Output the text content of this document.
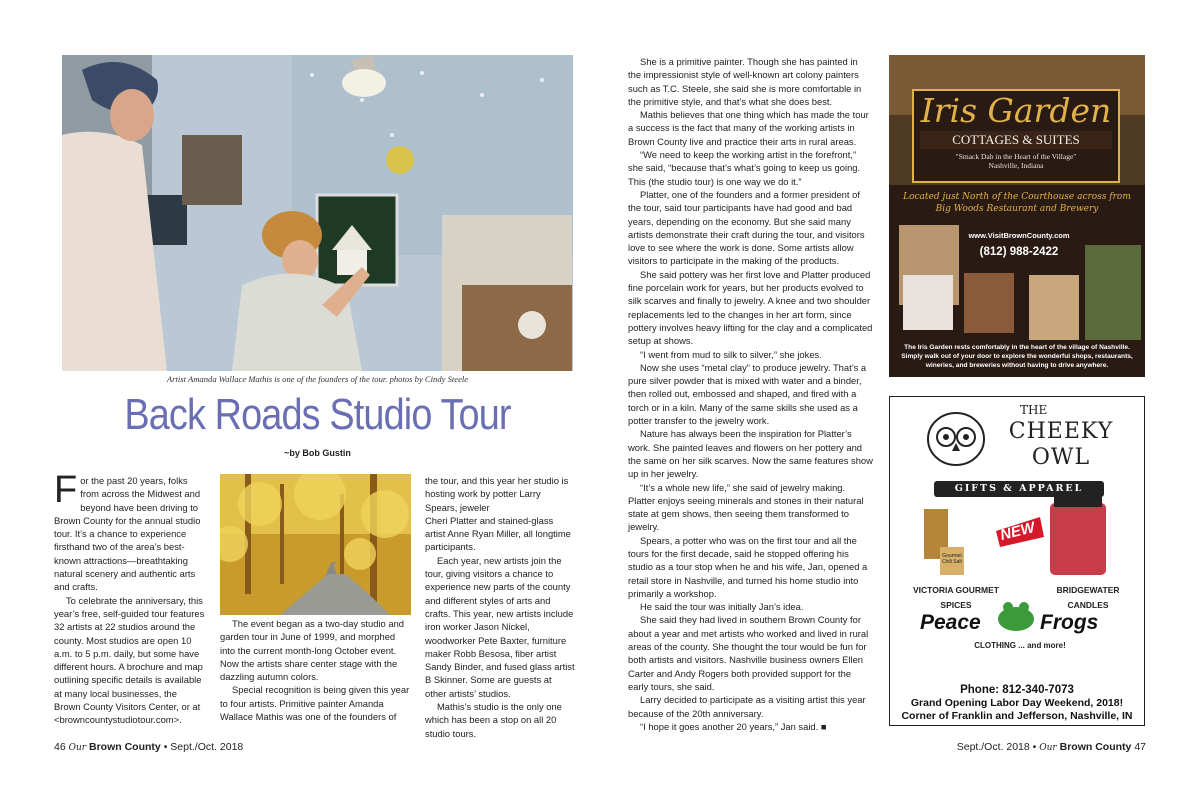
Artist Amanda Wallace Mathis is one of the founders of the tour. photos by Cindy Steele
Back Roads Studio Tour
~by Bob Gustin

For the past 20 years, folks from across the Midwest and beyond have been driving to Brown County for the annual studio tour. It’s a chance to experience firsthand two of the area’s best-known attractions—breathtaking natural scenery and authentic arts and crafts.

To celebrate the anniversary, this year’s free, self-guided tour features 32 artists at 22 studios around the county. Most studios are open 10 a.m. to 5 p.m. daily, but some have different hours. A brochure and map outlining specific details is available at many local businesses, the Brown County Visitors Center, or at <browncountystudiotour.com>.

The event began as a two-day studio and garden tour in June of 1999, and morphed into the current month-long October event. Now the artists share center stage with the dazzling autumn colors.

Special recognition is being given this year to four artists. Primitive painter Amanda Wallace Mathis was one of the founders of

the tour, and this year her studio is hosting work by potter Larry Spears, jeweler

Cheri Platter and stained-glass artist Anne Ryan Miller, all longtime participants.

Each year, new artists join the tour, giving visitors a chance to experience new parts of the county and different styles of arts and crafts. This year, new artists include iron worker Jason Nickel, woodworker Pete Baxter, furniture maker Robb Besosa, fiber artist Sandy Binder, and fused glass artist B Skinner. Some are guests at other artists’ studios.

Mathis’s studio is the only one which has been a stop on all 20 studio tours.

She is a primitive painter. Though she has painted in the impressionist style of well-known art colony painters such as T.C. Steele, she said she is more comfortable in the primitive style, and that’s what she does best.

Mathis believes that one thing which has made the tour a success is the fact that many of the working artists in Brown County live and practice their arts in rural areas.

“We need to keep the working artist in the forefront,” she said, “because that’s what’s going to keep us going. This (the studio tour) is one way we do it.”

Platter, one of the founders and a former president of the tour, said tour participants have had good and bad years, depending on the economy. But she said many artists demonstrate their craft during the tour, and visitors love to see where the work is done. Some artists allow visitors to participate in the making of the products.

She said pottery was her first love and Platter produced fine porcelain work for years, but her products evolved to silk scarves and finally to jewelry. A knee and two shoulder replacements led to the changes in her art form, since pottery involves heavy lifting for the clay and a complicated setup at shows.

“I went from mud to silk to silver,” she jokes.

Now she uses “metal clay” to produce jewelry. That’s a pure silver powder that is mixed with water and a binder, then rolled out, embossed and shaped, and fired with a torch or in a kiln. Many of the same skills she used as a potter transfer to the jewelry work.

Nature has always been the inspiration for Platter’s work. She painted leaves and flowers on her pottery and the same on her silk scarves. Now the same features show up in her jewelry.

“It’s a whole new life,” she said of jewelry making. Platter enjoys seeing minerals and stones in their natural state at gem shows, then seeing them transformed to jewelry.

Spears, a potter who was on the first tour and all the tours for the first decade, said he stopped offering his studio as a tour stop when he and his wife, Jan, opened a retail store in Nashville, and turned his home studio into primarily a workshop.

He said the tour was initially Jan’s idea.

She said they had lived in southern Brown County for about a year and met artists who worked and lived in rural areas of the county. She thought the tour would be fun for both artists and visitors. Nashville business owners Ellen Carter and Andy Rogers both provided support for the early tours, she said.

Larry decided to participate as a visiting artist this year because of the 20th anniversary.

“I hope it goes another 20 years,” Jan said. ■

Iris Garden
COTTAGES & SUITES
"Smack Dab in the Heart of the Village"
Nashville, Indiana
Located just North of the Courthouse across from Big Woods Restaurant and Brewery
www.VisitBrownCounty.com
(812) 988-2422
The Iris Garden rests comfortably in the heart of the village of Nashville. Simply walk out of your door to explore the wonderful shops, restaurants, wineries, and breweries without having to drive anywhere.
THE
CHEEKY OWL
GIFTS & APPAREL
NEW
Gourmet Chili Salt
VICTORIA GOURMET
SPICES
BRIDGEWATER
CANDLES
Peace	Frogs
CLOTHING ... and more!
Phone: 812-340-7073
Grand Opening Labor Day Weekend, 2018!
Corner of Franklin and Jefferson, Nashville, IN
46 Our Brown County • Sept./Oct. 2018	Sept./Oct. 2018 • Our Brown County 47
